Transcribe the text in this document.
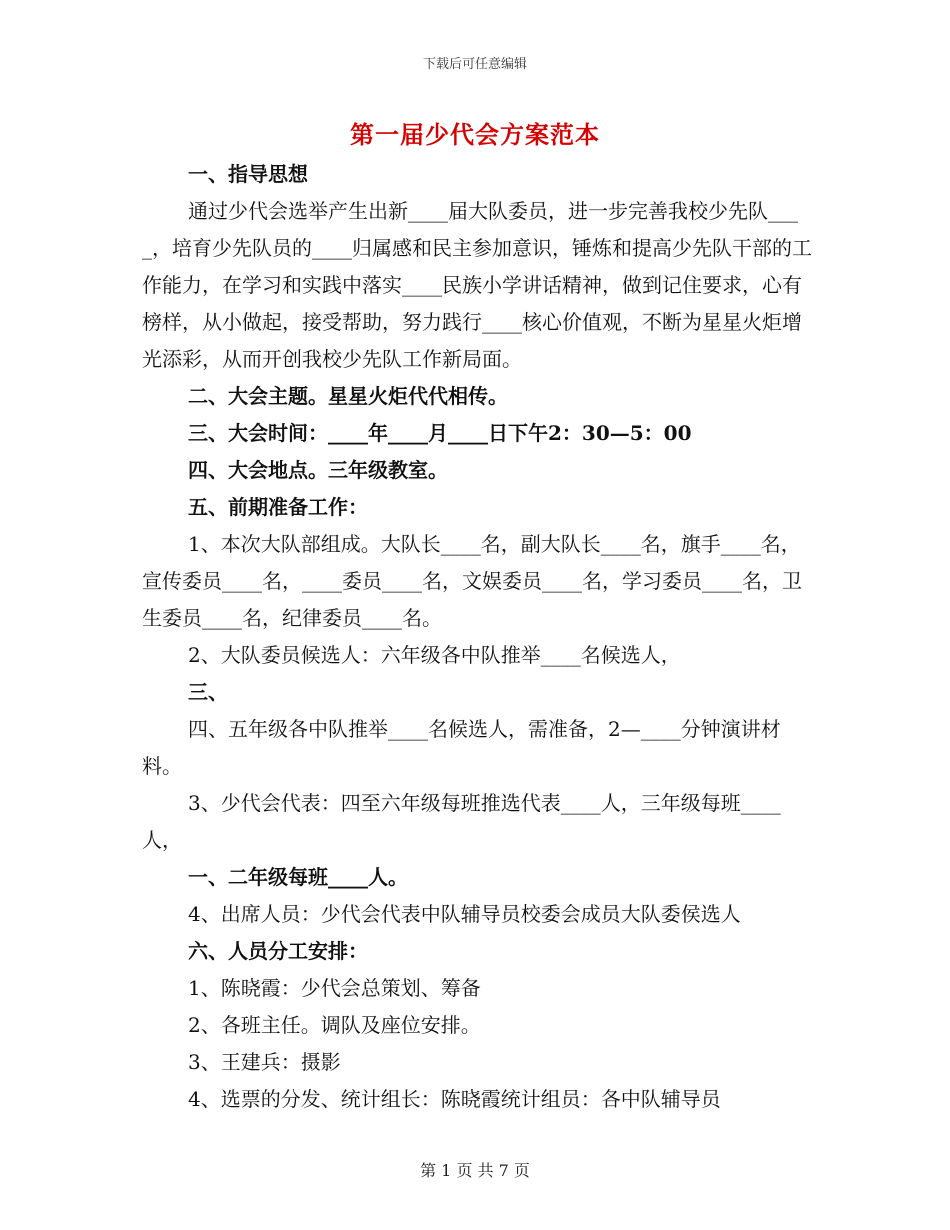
下载后可任意编辑
第一届少代会方案范本

一、指导思想

通过少代会选举产生出新____届大队委员，进一步完善我校少先队____，培育少先队员的____归属感和民主参加意识，锤炼和提高少先队干部的工作能力，在学习和实践中落实____民族小学讲话精神，做到记住要求，心有榜样，从小做起，接受帮助，努力践行____核心价值观，不断为星星火炬增光添彩，从而开创我校少先队工作新局面。

二、大会主题。星星火炬代代相传。

三、大会时间：____年____月____日下午2：30—5：00

四、大会地点。三年级教室。

五、前期准备工作：

1、本次大队部组成。大队长____名，副大队长____名，旗手____名，宣传委员____名，____委员____名，文娱委员____名，学习委员____名，卫生委员____名，纪律委员____名。

2、大队委员候选人：六年级各中队推举____名候选人，

三、

四、五年级各中队推举____名候选人，需准备，2—____分钟演讲材料。

3、少代会代表：四至六年级每班推选代表____人，三年级每班____人，

一、二年级每班____人。

4、出席人员：少代会代表中队辅导员校委会成员大队委侯选人

六、人员分工安排：

1、陈晓霞：少代会总策划、筹备

2、各班主任。调队及座位安排。

3、王建兵：摄影

4、选票的分发、统计组长：陈晓霞统计组员：各中队辅导员

第 1 页 共 7 页
